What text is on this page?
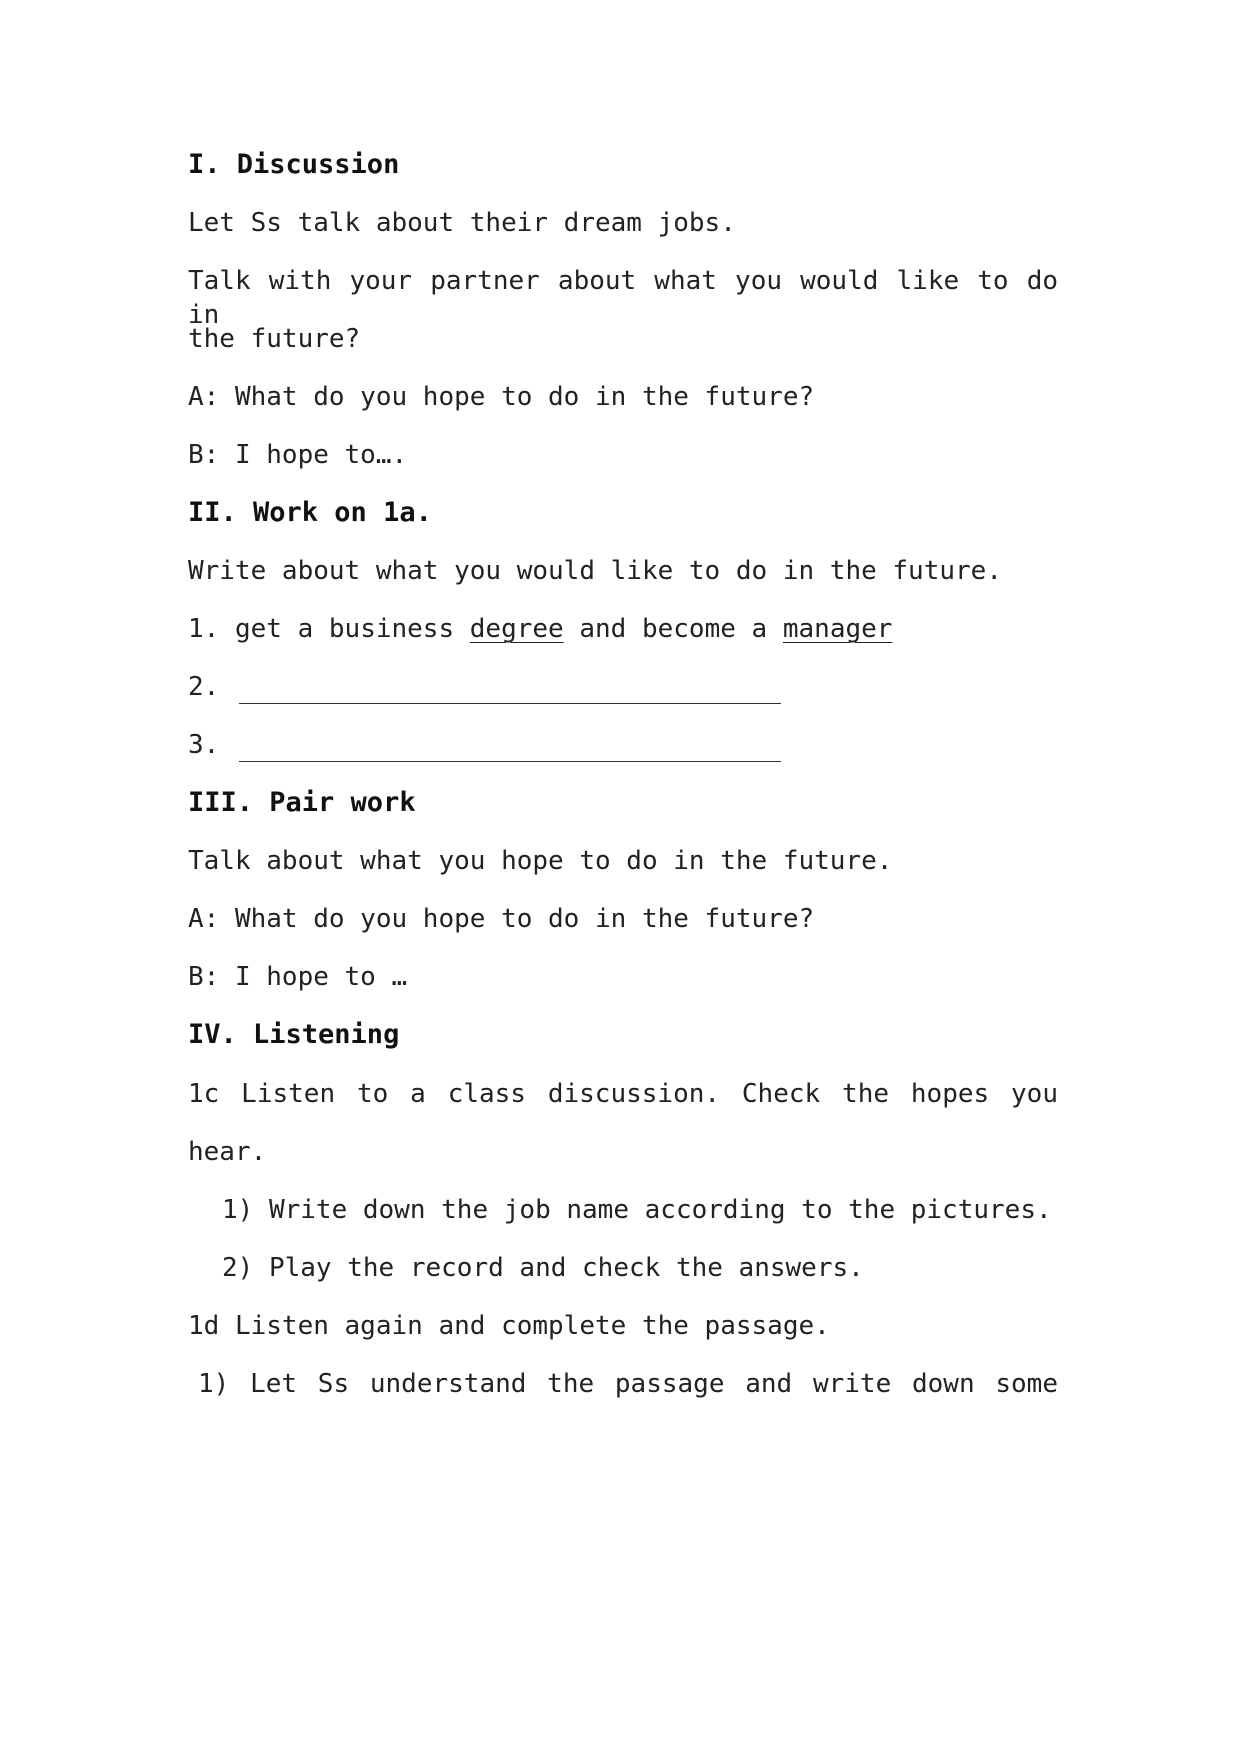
I. Discussion
Let Ss talk about their dream jobs.
Talk with your partner about what you would like to do in
the future?
A: What do you hope to do in the future?
B: I hope to….
II. Work on 1a.
Write about what you would like to do in the future.
1. get a business degree and become a manager
2.
3.
III. Pair work
Talk about what you hope to do in the future.
A: What do you hope to do in the future?
B: I hope to …
IV. Listening
1c Listen to a class discussion. Check the hopes you
hear.
1) Write down the job name according to the pictures.
2) Play the record and check the answers.
1d Listen again and complete the passage.
1) Let Ss understand the passage and write down some
